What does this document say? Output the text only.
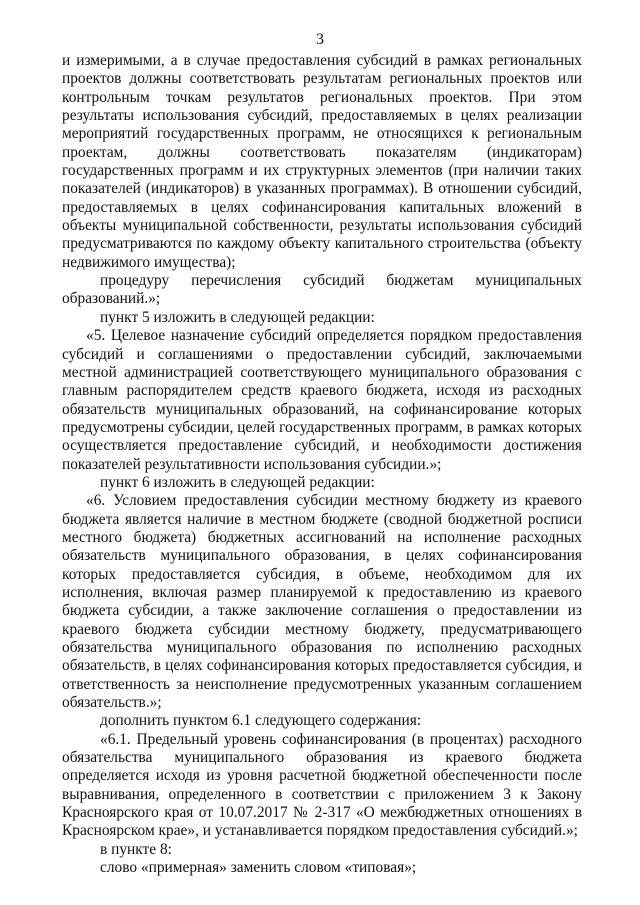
3

и измеримыми, а в случае предоставления субсидий в рамках региональных проектов должны соответствовать результатам региональных проектов или контрольным точкам результатов региональных проектов. При этом результаты использования субсидий, предоставляемых в целях реализации мероприятий государственных программ, не относящихся к региональным проектам, должны соответствовать показателям (индикаторам) государственных программ и их структурных элементов (при наличии таких показателей (индикаторов) в указанных программах). В отношении субсидий, предоставляемых в целях софинансирования капитальных вложений в объекты муниципальной собственности, результаты использования субсидий предусматриваются по каждому объекту капитального строительства (объекту недвижимого имущества);

процедуру перечисления субсидий бюджетам муниципальных образований.»;

пункт 5 изложить в следующей редакции:

«5. Целевое назначение субсидий определяется порядком предоставления субсидий и соглашениями о предоставлении субсидий, заключаемыми местной администрацией соответствующего муниципального образования с главным распорядителем средств краевого бюджета, исходя из расходных обязательств муниципальных образований, на софинансирование которых предусмотрены субсидии, целей государственных программ, в рамках которых осуществляется предоставление субсидий, и необходимости достижения показателей результативности использования субсидии.»;

пункт 6 изложить в следующей редакции:

«6. Условием предоставления субсидии местному бюджету из краевого бюджета является наличие в местном бюджете (сводной бюджетной росписи местного бюджета) бюджетных ассигнований на исполнение расходных обязательств муниципального образования, в целях софинансирования которых предоставляется субсидия, в объеме, необходимом для их исполнения, включая размер планируемой к предоставлению из краевого бюджета субсидии, а также заключение соглашения о предоставлении из краевого бюджета субсидии местному бюджету, предусматривающего обязательства муниципального образования по исполнению расходных обязательств, в целях софинансирования которых предоставляется субсидия, и ответственность за неисполнение предусмотренных указанным соглашением обязательств.»;

дополнить пунктом 6.1 следующего содержания:

«6.1. Предельный уровень софинансирования (в процентах) расходного обязательства муниципального образования из краевого бюджета определяется исходя из уровня расчетной бюджетной обеспеченности после выравнивания, определенного в соответствии с приложением 3 к Закону Красноярского края от 10.07.2017 № 2-317 «О межбюджетных отношениях в Красноярском крае», и устанавливается порядком предоставления субсидий.»;

в пункте 8:

слово «примерная» заменить словом «типовая»;
